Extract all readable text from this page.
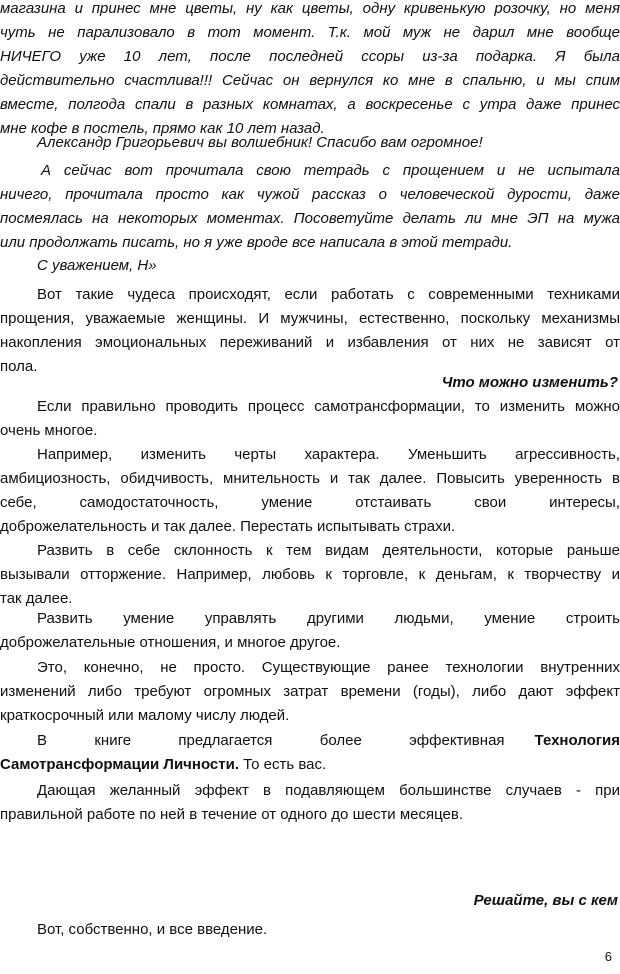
магазина и принес мне цветы, ну как цветы, одну кривенькую розочку, но меня
чуть не парализовало в тот момент. Т.к. мой муж не дарил мне вообще
НИЧЕГО уже 10 лет, после последней ссоры из-за подарка. Я была
действительно счастлива!!! Сейчас он вернулся ко мне в спальню, и мы спим
вместе, полгода спали в разных комнатах, а воскресенье с утра даже принес
мне кофе в постель, прямо как 10 лет назад.
Александр Григорьевич вы волшебник! Спасибо вам огромное!
А сейчас вот прочитала свою тетрадь с прощением и не испытала
ничего, прочитала просто как чужой рассказ о человеческой дурости, даже
посмеялась на некоторых моментах. Посоветуйте делать ли мне ЭП на мужа
или продолжать писать, но я уже вроде все написала в этой тетради.
С уважением, Н»
Вот такие чудеса происходят, если работать с современными техниками
прощения, уважаемые женщины. И мужчины, естественно, поскольку механизмы
накопления эмоциональных переживаний и избавления от них не зависят от
пола.
Что можно изменить?
Если правильно проводить процесс самотрансформации, то изменить можно
очень многое.
Например, изменить черты характера. Уменьшить агрессивность,
амбициозность, обидчивость, мнительность и так далее. Повысить уверенность в
себе, самодостаточность, умение отстаивать свои интересы,
доброжелательность и так далее. Перестать испытывать страхи.
Развить в себе склонность к тем видам деятельности, которые раньше
вызывали отторжение. Например, любовь к торговле, к деньгам, к творчеству и
так далее.
Развить умение управлять другими людьми, умение строить
доброжелательные отношения, и многое другое.
Это, конечно, не просто. Существующие ранее технологии внутренних
изменений либо требуют огромных затрат времени (годы), либо дают эффект
краткосрочный или малому числу людей.
В книге предлагается более эффективная Технология
Самотрансформации Личности. То есть вас.
Дающая желанный эффект в подавляющем большинстве случаев - при
правильной работе по ней в течение от одного до шести месяцев.
Решайте, вы с кем
Вот, собственно, и все введение.
6
